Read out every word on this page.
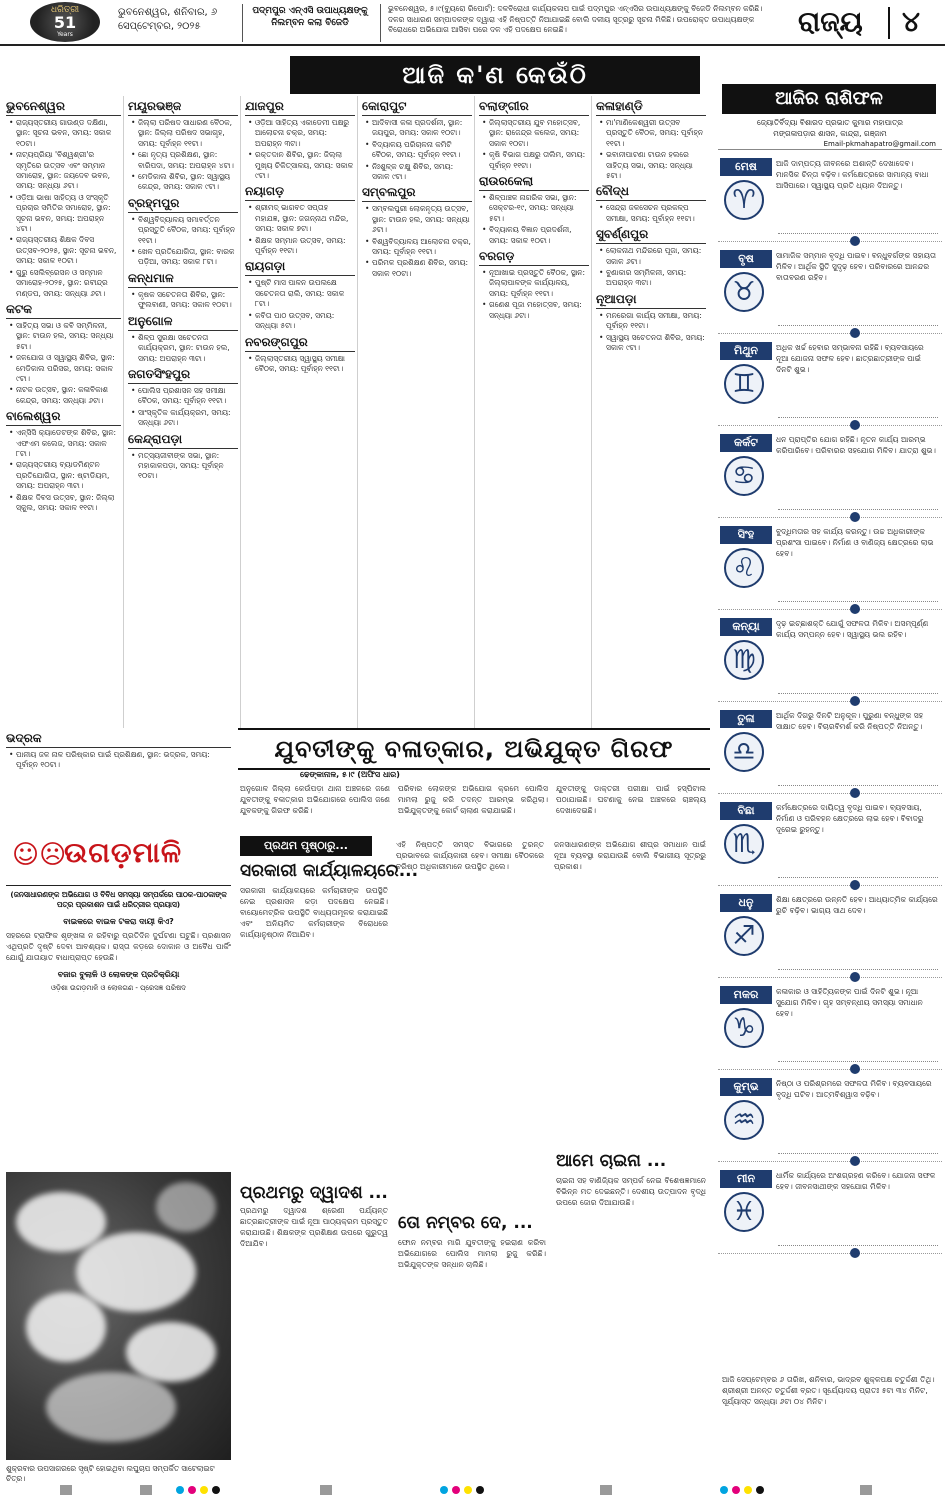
ଧରିତ୍ରୀ
51
Years
ଭୁବନେଶ୍ୱର, ଶନିବାର, ୬ ସେପ୍ଟେମ୍ବର, ୨୦୨୫
ପଦ୍ମପୁର ଏନ୍‌ଏସି ଉପାଧ୍ୟକ୍ଷଙ୍କୁ ନିଲମ୍ବନ କଲା ବିଜେଡି
ଭୁବନେଶ୍ୱର, ୫।୯(ବ୍ୟୁରୋ ରିପୋର୍ଟ): ଦଳବିରୋଧୀ କାର୍ଯ୍ୟକଳାପ ପାଇଁ ପଦ୍ମପୁର ଏନ୍‌ଏସିର ଉପାଧ୍ୟକ୍ଷଙ୍କୁ ବିଜେଡି ନିଲମ୍ବନ କରିଛି। ଦଳର ସାଧାରଣ ସମ୍ପାଦକଙ୍କ ଦ୍ୱାରା ଏହି ନିଷ୍ପତ୍ତି ନିଆଯାଇଛି ବୋଲି ଦଳୀୟ ସୂତ୍ରରୁ ସୂଚନା ମିଳିଛି। ଉପରୋକ୍ତ ଉପାଧ୍ୟକ୍ଷଙ୍କ ବିରୋଧରେ ଅଭିଯୋଗ ଆସିବା ପରେ ଦଳ ଏହି ପଦକ୍ଷେପ ନେଇଛି।	ରାଜ୍ୟ ୪
ଆଜି କ'ଣ କେଉଁଠି
ଭୁବନେଶ୍ୱର
• ରାଜ୍ୟସ୍ତରୀୟ ଗାଉଣ୍ଡ ଦକ୍ଷିଣା, ସ୍ଥାନ: ସୂଚନା ଭବନ, ସମୟ: ସକାଳ ୧୦ଟା।
• ନାଟ୍ୟପ୍ରିୟା 'ବିଶ୍ୱଶ୍ରୀ'ର ସ୍ମୃତିରେ ଉତ୍ସବ ଏବଂ ସମ୍ମାନ ସମାରୋହ, ସ୍ଥାନ: ଜୟଦେବ ଭବନ, ସମୟ: ସନ୍ଧ୍ୟା ୬ଟା।
• ଓଡ଼ିଆ ଭାଷା ସାହିତ୍ୟ ଓ ସଂସ୍କୃତି ପ୍ରଚାର ସମିତିର ସମାରୋହ, ସ୍ଥାନ: ସୂଚନା ଭବନ, ସମୟ: ଅପରାହ୍ନ ୪ଟା।
• ରାଜ୍ୟସ୍ତରୀୟ ଶିକ୍ଷକ ଦିବସ ଉତ୍ସବ-୨୦୨୫, ସ୍ଥାନ: ସୂଚନା ଭବନ, ସମୟ: ସକାଳ ୧୦ଟା।
• ଗୁରୁ ସେଲିବ୍ରେସନ ଓ ସମ୍ମାନ ସମାରୋହ-୨୦୨୫, ସ୍ଥାନ: ରବୀନ୍ଦ୍ର ମଣ୍ଡପ, ସମୟ: ସନ୍ଧ୍ୟା ୬ଟା।
କଟକ
• ସାହିତ୍ୟ ସଭା ଓ କବି ସମ୍ମିଳନୀ, ସ୍ଥାନ: ଟାଉନ ହଲ, ସମୟ: ସନ୍ଧ୍ୟା ୫ଟା।
• ଜଳଯୋଗ ଓ ସ୍ୱାସ୍ଥ୍ୟ ଶିବିର, ସ୍ଥାନ: ମେଡିକାଲ ପରିସର, ସମୟ: ସକାଳ ୯ଟା।
• ନାଟକ ଉତ୍ସବ, ସ୍ଥାନ: କଳାବିକାଶ କେନ୍ଦ୍ର, ସମୟ: ସନ୍ଧ୍ୟା ୬ଟା।
ବାଲେଶ୍ୱର
• ଏନ୍‌ସିସି କ୍ୟାଡେଟଙ୍କ ଶିବିର, ସ୍ଥାନ: ଏଫଏମ କଲେଜ, ସମୟ: ସକାଳ ୮ଟା।
• ରାଜ୍ୟସ୍ତରୀୟ ବ୍ୟାଡମିଣ୍ଟନ ପ୍ରତିଯୋଗିତା, ସ୍ଥାନ: ଷ୍ଟାଡିୟମ, ସମୟ: ଅପରାହ୍ନ ୩ଟା।
• ଶିକ୍ଷକ ଦିବସ ଉତ୍ସବ, ସ୍ଥାନ: ଜିଲ୍ଲା ସ୍କୁଲ, ସମୟ: ସକାଳ ୧୧ଟା।
ମୟୂରଭଞ୍ଜ
• ଜିଲ୍ଲା ପରିଷଦ ସାଧାରଣ ବୈଠକ, ସ୍ଥାନ: ଜିଲ୍ଲା ପରିଷଦ ସଭାଗୃହ, ସମୟ: ପୂର୍ବାହ୍ନ ୧୧ଟା।
• ଛୋ ନୃତ୍ୟ ପ୍ରଶିକ୍ଷଣ, ସ୍ଥାନ: ବାରିପଦା, ସମୟ: ଅପରାହ୍ନ ୪ଟା।
• ମେଡିକାଲ ଶିବିର, ସ୍ଥାନ: ସ୍ୱାସ୍ଥ୍ୟ କେନ୍ଦ୍ର, ସମୟ: ସକାଳ ୯ଟା।
ବ୍ରହ୍ମପୁର
• ବିଶ୍ୱବିଦ୍ୟାଳୟ ସମାବର୍ତ୍ତନ ପ୍ରସ୍ତୁତି ବୈଠକ, ସମୟ: ପୂର୍ବାହ୍ନ ୧୧ଟା।
• ଖେଳ ପ୍ରତିଯୋଗିତା, ସ୍ଥାନ: ବାରକ ପଡ଼ିଆ, ସମୟ: ସକାଳ ୮ଟା।
କନ୍ଧମାଳ
• କୃଷକ ସଚେତନତା ଶିବିର, ସ୍ଥାନ: ଫୁଲବାଣୀ, ସମୟ: ସକାଳ ୧୦ଟା।
ଅନୁଗୋଳ
• ଶିଳ୍ପ ସୁରକ୍ଷା ସଚେତନତା କାର୍ଯ୍ୟକ୍ରମ, ସ୍ଥାନ: ଟାଉନ ହଲ, ସମୟ: ଅପରାହ୍ନ ୩ଟା।
ଜଗତସିଂହପୁର
• ପୋଲିସ ପ୍ରଶାସନ ସହ ସମୀକ୍ଷା ବୈଠକ, ସମୟ: ପୂର୍ବାହ୍ନ ୧୧ଟା।
• ସାଂସ୍କୃତିକ କାର୍ଯ୍ୟକ୍ରମ, ସମୟ: ସନ୍ଧ୍ୟା ୬ଟା।
କେନ୍ଦ୍ରାପଡ଼ା
• ମତ୍ସ୍ୟଜୀବୀଙ୍କ ସଭା, ସ୍ଥାନ: ମହାକାଳପଡ଼ା, ସମୟ: ପୂର୍ବାହ୍ନ ୧୦ଟା।
ଯାଜପୁର
• ଓଡ଼ିଆ ସାହିତ୍ୟ ଏକାଡେମୀ ପକ୍ଷରୁ ଆଲୋଚନା ଚକ୍ର, ସମୟ: ଅପରାହ୍ନ ୩ଟା।
• ରକ୍ତଦାନ ଶିବିର, ସ୍ଥାନ: ଜିଲ୍ଲା ମୁଖ୍ୟ ଚିକିତ୍ସାଳୟ, ସମୟ: ସକାଳ ୯ଟା।
ନୟାଗଡ଼
• ଶ୍ରୀମଦ୍ ଭାଗବତ ସପ୍ତାହ ମହାଯଜ୍ଞ, ସ୍ଥାନ: ଜଗନ୍ନାଥ ମନ୍ଦିର, ସମୟ: ସକାଳ ୭ଟା।
• ଶିକ୍ଷକ ସମ୍ମାନ ଉତ୍ସବ, ସମୟ: ପୂର୍ବାହ୍ନ ୧୧ଟା।
ରାୟଗଡ଼ା
• ପୁଷ୍ଟି ମାସ ପାଳନ ଉପଲକ୍ଷେ ସଚେତନତା ରାଲି, ସମୟ: ସକାଳ ୮ଟା।
• କବିତା ପାଠ ଉତ୍ସବ, ସମୟ: ସନ୍ଧ୍ୟା ୫ଟା।
ନବରଙ୍ଗପୁର
• ଜିଲ୍ଲାସ୍ତରୀୟ ସ୍ୱାସ୍ଥ୍ୟ ସମୀକ୍ଷା ବୈଠକ, ସମୟ: ପୂର୍ବାହ୍ନ ୧୧ଟା।
କୋରାପୁଟ
• ଆଦିବାସୀ କଳା ପ୍ରଦର୍ଶନୀ, ସ୍ଥାନ: ଜୟପୁର, ସମୟ: ସକାଳ ୧୦ଟା।
• ବିଦ୍ୟାଳୟ ପରିଚାଳନା କମିଟି ବୈଠକ, ସମୟ: ପୂର୍ବାହ୍ନ ୧୧ଟା।
• ନିଃଶୁଳ୍କ ଚକ୍ଷୁ ଶିବିର, ସମୟ: ସକାଳ ୯ଟା।
ସମ୍ବଲପୁର
• ସମ୍ବଲପୁରୀ ଲୋକନୃତ୍ୟ ଉତ୍ସବ, ସ୍ଥାନ: ଟାଉନ ହଲ, ସମୟ: ସନ୍ଧ୍ୟା ୬ଟା।
• ବିଶ୍ୱବିଦ୍ୟାଳୟ ଆଲୋଚନା ଚକ୍ର, ସମୟ: ପୂର୍ବାହ୍ନ ୧୧ଟା।
• ପରିମଳ ପ୍ରଶିକ୍ଷଣ ଶିବିର, ସମୟ: ସକାଳ ୧୦ଟା।
ବଲାଙ୍ଗୀର
• ଜିଲ୍ଲାସ୍ତରୀୟ ଯୁବ ମହୋତ୍ସବ, ସ୍ଥାନ: ରାଜେନ୍ଦ୍ର କଲେଜ, ସମୟ: ସକାଳ ୧୦ଟା।
• କୃଷି ବିଭାଗ ପକ୍ଷରୁ ତାଲିମ, ସମୟ: ପୂର୍ବାହ୍ନ ୧୧ଟା।
ରାଉରକେଲା
• ଶିଳ୍ପାଞ୍ଚଳ ନାଗରିକ ସଭା, ସ୍ଥାନ: ସେକ୍ଟର-୧୯, ସମୟ: ସନ୍ଧ୍ୟା ୫ଟା।
• ବିଦ୍ୟାଳୟ ବିଜ୍ଞାନ ପ୍ରଦର୍ଶନୀ, ସମୟ: ସକାଳ ୧୦ଟା।
ବରଗଡ଼
• ନୂଆଖାଇ ପ୍ରସ୍ତୁତି ବୈଠକ, ସ୍ଥାନ: ଜିଲ୍ଲାପାଳଙ୍କ କାର୍ଯ୍ୟାଳୟ, ସମୟ: ପୂର୍ବାହ୍ନ ୧୧ଟା।
• ଗଣେଶ ପୂଜା ମହୋତ୍ସବ, ସମୟ: ସନ୍ଧ୍ୟା ୬ଟା।
କଳାହାଣ୍ଡି
• ମା'ମାଣିକେଶ୍ୱରୀ ଉତ୍ସବ ପ୍ରସ୍ତୁତି ବୈଠକ, ସମୟ: ପୂର୍ବାହ୍ନ ୧୧ଟା।
• ଭବାନୀପାଟଣା ଟାଉନ ହଲରେ ସାହିତ୍ୟ ସଭା, ସମୟ: ସନ୍ଧ୍ୟା ୫ଟା।
ବୌଦ୍ଧ
• ସେନ୍ଦ୍ରା ଜଳସେଚନ ପ୍ରକଳ୍ପ ସମୀକ୍ଷା, ସମୟ: ପୂର୍ବାହ୍ନ ୧୧ଟା।
ସୁବର୍ଣ୍ଣପୁର
• ଲୋକନାଥ ମନ୍ଦିରରେ ପୂଜା, ସମୟ: ସକାଳ ୬ଟା।
• ବୁଣାକାର ସମ୍ମିଳନୀ, ସମୟ: ଅପରାହ୍ନ ୩ଟା।
ନୂଆପଡ଼ା
• ମନରେଗା କାର୍ଯ୍ୟ ସମୀକ୍ଷା, ସମୟ: ପୂର୍ବାହ୍ନ ୧୧ଟା।
• ସ୍ୱାସ୍ଥ୍ୟ ସଚେତନତା ଶିବିର, ସମୟ: ସକାଳ ୯ଟା।
ଆଜିର ରାଶିଫଳ
ଜ୍ୟୋତିର୍ବିଦ୍ୟା ବିଶାରଦ ପ୍ରଭାତ କୁମାର ମହାପାତ୍ର
ମଙ୍ଗଳାପଡ଼ାର ଶାସନ, କାନ୍ଦ୍ରା, ଗଞ୍ଜାମ
Email-pkmahapatro@gmail.com
ମେଷ
♈
ଆଜି ଦାମ୍ପତ୍ୟ ଜୀବନରେ ଅଶାନ୍ତି ଦେଖାଦେବ। ମାନସିକ ଚିନ୍ତା ବଢ଼ିବ। କର୍ମକ୍ଷେତ୍ରରେ ସାମାନ୍ୟ ବାଧା ଆସିପାରେ। ସ୍ୱାସ୍ଥ୍ୟ ପ୍ରତି ଧ୍ୟାନ ଦିଅନ୍ତୁ।
ବୃଷ
♉
ସାମାଜିକ ସମ୍ମାନ ବୃଦ୍ଧି ପାଇବ। ବନ୍ଧୁବର୍ଗଙ୍କ ସହାୟତା ମିଳିବ। ଆର୍ଥିକ ସ୍ଥିତି ସୁଦୃଢ଼ ହେବ। ପରିବାରରେ ଆନନ୍ଦର ବାତାବରଣ ରହିବ।
ମିଥୁନ
♊
ଅଧିକ ଖର୍ଚ୍ଚ ହେବାର ସମ୍ଭାବନା ରହିଛି। ବ୍ୟବସାୟରେ ନୂଆ ଯୋଜନା ସଫଳ ହେବ। ଛାତ୍ରଛାତ୍ରୀଙ୍କ ପାଇଁ ଦିନଟି ଶୁଭ।
କର୍କଟ
♋
ଧନ ପ୍ରାପ୍ତିର ଯୋଗ ରହିଛି। ନୂତନ କାର୍ଯ୍ୟ ଆରମ୍ଭ କରିପାରିବେ। ପରିବାରର ସହଯୋଗ ମିଳିବ। ଯାତ୍ରା ଶୁଭ।
ସିଂହ
♌
ବୁଦ୍ଧିମତାର ସହ କାର୍ଯ୍ୟ କରନ୍ତୁ। ଉଚ୍ଚ ଅଧିକାରୀଙ୍କ ପ୍ରଶଂସା ପାଇବେ। ନିର୍ମାଣ ଓ ବାଣିଜ୍ୟ କ୍ଷେତ୍ରରେ ଲାଭ ହେବ।
କନ୍ୟା
♍
ଦୃଢ଼ ଇଚ୍ଛାଶକ୍ତି ଯୋଗୁଁ ସଫଳତା ମିଳିବ। ଅସମ୍ପୂର୍ଣ୍ଣ କାର୍ଯ୍ୟ ସମ୍ପନ୍ନ ହେବ। ସ୍ୱାସ୍ଥ୍ୟ ଭଲ ରହିବ।
ତୁଳା
♎
ଆର୍ଥିକ ଦିଗରୁ ଦିନଟି ଅନୁକୂଳ। ପୁରୁଣା ବନ୍ଧୁଙ୍କ ସହ ସାକ୍ଷାତ ହେବ। ବିଚାରବିମର୍ଶ କରି ନିଷ୍ପତ୍ତି ନିଅନ୍ତୁ।
ବିଛା
♏
କର୍ମକ୍ଷେତ୍ରରେ ଦାୟିତ୍ୱ ବୃଦ୍ଧି ପାଇବ। ବ୍ୟବସାୟ, ନିର୍ମାଣ ଓ ପରିବହନ କ୍ଷେତ୍ରରେ ଲାଭ ହେବ। ବିବାଦରୁ ଦୂରେଇ ରୁହନ୍ତୁ।
ଧନୁ
♐
ଶିକ୍ଷା କ୍ଷେତ୍ରରେ ଉନ୍ନତି ହେବ। ଆଧ୍ୟାତ୍ମିକ କାର୍ଯ୍ୟରେ ରୁଚି ବଢ଼ିବ। ଭାଗ୍ୟ ସାଥ ଦେବ।
ମକର
♑
କଳାକାର ଓ ସାହିତ୍ୟିକଙ୍କ ପାଇଁ ଦିନଟି ଶୁଭ। ନୂଆ ସୁଯୋଗ ମିଳିବ। ଗୃହ ସମ୍ବନ୍ଧୀୟ ସମସ୍ୟା ସମାଧାନ ହେବ।
କୁମ୍ଭ
♒
ନିଷ୍ଠା ଓ ପରିଶ୍ରମରେ ସଫଳତା ମିଳିବ। ବ୍ୟବସାୟରେ ବୃଦ୍ଧି ଘଟିବ। ଆତ୍ମବିଶ୍ୱାସ ବଢ଼ିବ।
ମୀନ
♓
ଧାର୍ମିକ କାର୍ଯ୍ୟରେ ଅଂଶଗ୍ରହଣ କରିବେ। ଯୋଜନା ସଫଳ ହେବ। ଜୀବନସାଥୀଙ୍କ ସହଯୋଗ ମିଳିବ।
ଆଜି ସେପ୍ଟେମ୍ବର ୬ ତାରିଖ, ଶନିବାର, ଭାଦ୍ରବ ଶୁକ୍ଳପକ୍ଷ ଚତୁର୍ଦ୍ଦଶୀ ତିଥି। ଶ୍ରୀଶ୍ରୀ ଅନନ୍ତ ଚତୁର୍ଦ୍ଦଶୀ ବ୍ରତ। ସୂର୍ଯ୍ୟୋଦୟ ପ୍ରାତଃ ୫ଟା ୩୪ ମିନିଟ, ସୂର୍ଯ୍ୟାସ୍ତ ସନ୍ଧ୍ୟା ୬ଟା ୦୪ ମିନିଟ।
ଭଦ୍ରକ
• ପାନୀୟ ଜଳ ନାଳ ପରିଷ୍କାର ପାଇଁ ପ୍ରଶିକ୍ଷଣ, ସ୍ଥାନ: ଭଦ୍ରକ, ସମୟ: ପୂର୍ବାହ୍ନ ୧୦ଟା।
ଯୁବତୀଙ୍କୁ ବଳାତ୍କାର, ଅଭିଯୁକ୍ତ ଗିରଫ
ଢେଙ୍କାନାଳ, ୫।୯ (ଅଫିସ ଧାର)
ଅନୁଗୋଳ ଜିଲ୍ଲା କେଉଁପଡ଼ା ଥାନା ଅଞ୍ଚଳରେ ଜଣେ ଯୁବତୀଙ୍କୁ ବଳାତ୍କାର ଅଭିଯୋଗରେ ପୋଲିସ ଜଣେ ଯୁବକଙ୍କୁ ଗିରଫ କରିଛି।
ପରିବାର ଲୋକଙ୍କ ଅଭିଯୋଗ କ୍ରମେ ପୋଲିସ ମାମଲା ରୁଜୁ କରି ତଦନ୍ତ ଆରମ୍ଭ କରିଥିଲା। ଅଭିଯୁକ୍ତଙ୍କୁ କୋର୍ଟ ଚାଲାଣ କରାଯାଇଛି।
ଯୁବତୀଙ୍କୁ ଡାକ୍ତରୀ ପରୀକ୍ଷା ପାଇଁ ହସ୍ପିଟାଲ ପଠାଯାଇଛି। ଘଟଣାକୁ ନେଇ ଅଞ୍ଚଳରେ ଚାଞ୍ଚଲ୍ୟ ଦେଖାଦେଇଛି।
☺☹
ଉଗଡ଼ମାଳି
(ଜନସାଧାରଣଙ୍କ ଅଭିଯୋଗ ଓ ବିବିଧ ସମସ୍ୟା ସମ୍ପର୍କରେ ପାଠକ-ପାଠକାଙ୍କ ପତ୍ର ପ୍ରକାଶନ ପାଇଁ ଧରିତ୍ରୀର ପ୍ରୟାସ)
ବାଇକରେ ବାଇକ ଟକରା ଦାୟୀ କିଏ?
ସହରରେ ଟ୍ରାଫିକ ଶୃଙ୍ଖଳା ନ ରହିବାରୁ ପ୍ରତିଦିନ ଦୁର୍ଘଟଣା ଘଟୁଛି। ପ୍ରଶାସନ ଏଥିପ୍ରତି ଦୃଷ୍ଟି ଦେବା ଆବଶ୍ୟକ। ରାସ୍ତା କଡ଼ରେ ଦୋକାନ ଓ ଅବୈଧ ପାର୍କିଂ ଯୋଗୁଁ ଯାତାୟାତ ବାଧାପ୍ରାପ୍ତ ହେଉଛି।
ବଜାର ବୁଲାଳି ଓ ଲୋକଙ୍କ ପ୍ରତିକ୍ରିୟା
ଓଡ଼ିଶା ଉଗଡ଼ମାଳି ଓ ଲୋକଗଣ - ପ୍ରେସଜ୍ଞ ପରିଷଦ
ଶୁକ୍ରବାର ଉପସାଗରରେ ସୃଷ୍ଟି ହୋଇଥିବା ଲଘୁଚାପ ସମ୍ପର୍କିତ ସାଟେଲାଇଟ ଚିତ୍ର।
ପ୍ରଥମ ପୃଷ୍ଠାରୁ...
ସରକାରୀ କାର୍ଯ୍ୟାଳୟରେ...
ସରକାରୀ କାର୍ଯ୍ୟାଳୟରେ କର୍ମଚାରୀଙ୍କ ଉପସ୍ଥିତି ନେଇ ପ୍ରଶାସନ କଡ଼ା ପଦକ୍ଷେପ ନେଇଛି। ବାୟୋମେଟ୍ରିକ ଉପସ୍ଥିତି ବାଧ୍ୟତାମୂଳକ କରାଯାଇଛି ଏବଂ ଅନିୟମିତ କର୍ମଚାରୀଙ୍କ ବିରୋଧରେ କାର୍ଯ୍ୟାନୁଷ୍ଠାନ ନିଆଯିବ।
ଏହି ନିଷ୍ପତ୍ତି ସମସ୍ତ ବିଭାଗରେ ତୁରନ୍ତ ପ୍ରଭାବରେ କାର୍ଯ୍ୟକାରୀ ହେବ। ସମୀକ୍ଷା ବୈଠକରେ ବରିଷ୍ଠ ଅଧିକାରୀମାନେ ଉପସ୍ଥିତ ଥିଲେ।
ଜନସାଧାରଣଙ୍କ ଅଭିଯୋଗ ଶୀଘ୍ର ସମାଧାନ ପାଇଁ ନୂଆ ବ୍ୟବସ୍ଥା କରାଯାଉଛି ବୋଲି ବିଭାଗୀୟ ସୂତ୍ରରୁ ପ୍ରକାଶ।
ପ୍ରଥମରୁ ଦ୍ୱାଦଶ ...
ପ୍ରଥମରୁ ଦ୍ୱାଦଶ ଶ୍ରେଣୀ ପର୍ଯ୍ୟନ୍ତ ଛାତ୍ରଛାତ୍ରୀଙ୍କ ପାଇଁ ନୂଆ ପାଠ୍ୟକ୍ରମ ପ୍ରସ୍ତୁତ କରାଯାଉଛି। ଶିକ୍ଷକଙ୍କ ପ୍ରଶିକ୍ଷଣ ଉପରେ ଗୁରୁତ୍ୱ ଦିଆଯିବ।
ତୋ ନମ୍ବର ଦେ, ...
ଫୋନ ନମ୍ବର ମାଗି ଯୁବତୀଙ୍କୁ ହଇରାଣ କରିବା ଅଭିଯୋଗରେ ପୋଲିସ ମାମଲା ରୁଜୁ କରିଛି। ଅଭିଯୁକ୍ତଙ୍କ ସନ୍ଧାନ ଚାଲିଛି।
ଆମେ ଚାଇନା ...
ଚାଇନା ସହ ବାଣିଜ୍ୟିକ ସମ୍ପର୍କ ନେଇ ବିଶେଷଜ୍ଞମାନେ ବିଭିନ୍ନ ମତ ଦେଇଛନ୍ତି। ଦେଶୀୟ ଉତ୍ପାଦନ ବୃଦ୍ଧି ଉପରେ ଜୋର ଦିଆଯାଉଛି।
